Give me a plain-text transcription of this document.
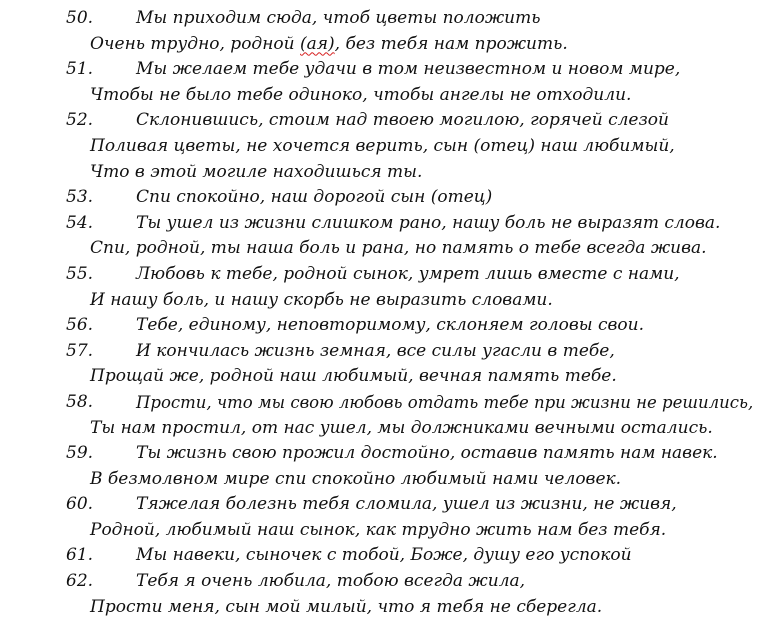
50.	Мы приходим сюда, чтоб цветы положить
Очень трудно, родной (ая), без тебя нам прожить.
51.	Мы желаем тебе удачи в том неизвестном и новом мире,
Чтобы не было тебе одиноко, чтобы ангелы не отходили.
52.	Склонившись, стоим над твоею могилою, горячей слезой
Поливая цветы, не хочется верить, сын (отец) наш любимый,
Что в этой могиле находишься ты.
53.	Спи спокойно, наш дорогой сын (отец)
54.	Ты ушел из жизни слишком рано, нашу боль не выразят слова.
Спи, родной, ты наша боль и рана, но память о тебе всегда жива.
55.	Любовь к тебе, родной сынок, умрет лишь вместе с нами,
И нашу боль, и нашу скорбь не выразить словами.
56.	Тебе, единому, неповторимому, склоняем головы свои.
57.	И кончилась жизнь земная, все силы угасли в тебе,
Прощай же, родной наш любимый, вечная память тебе.
58.	Прости, что мы свою любовь отдать тебе при жизни не решились,
Ты нам простил, от нас ушел, мы должниками вечными остались.
59.	Ты жизнь свою прожил достойно, оставив память нам навек.
В безмолвном мире спи спокойно любимый нами человек.
60.	Тяжелая болезнь тебя сломила, ушел из жизни, не живя,
Родной, любимый наш сынок, как трудно жить нам без тебя.
61.	Мы навеки, сыночек с тобой, Боже, душу его успокой
62.	Тебя я очень любила, тобою всегда жила,
Прости меня, сын мой милый, что я тебя не сберегла.
